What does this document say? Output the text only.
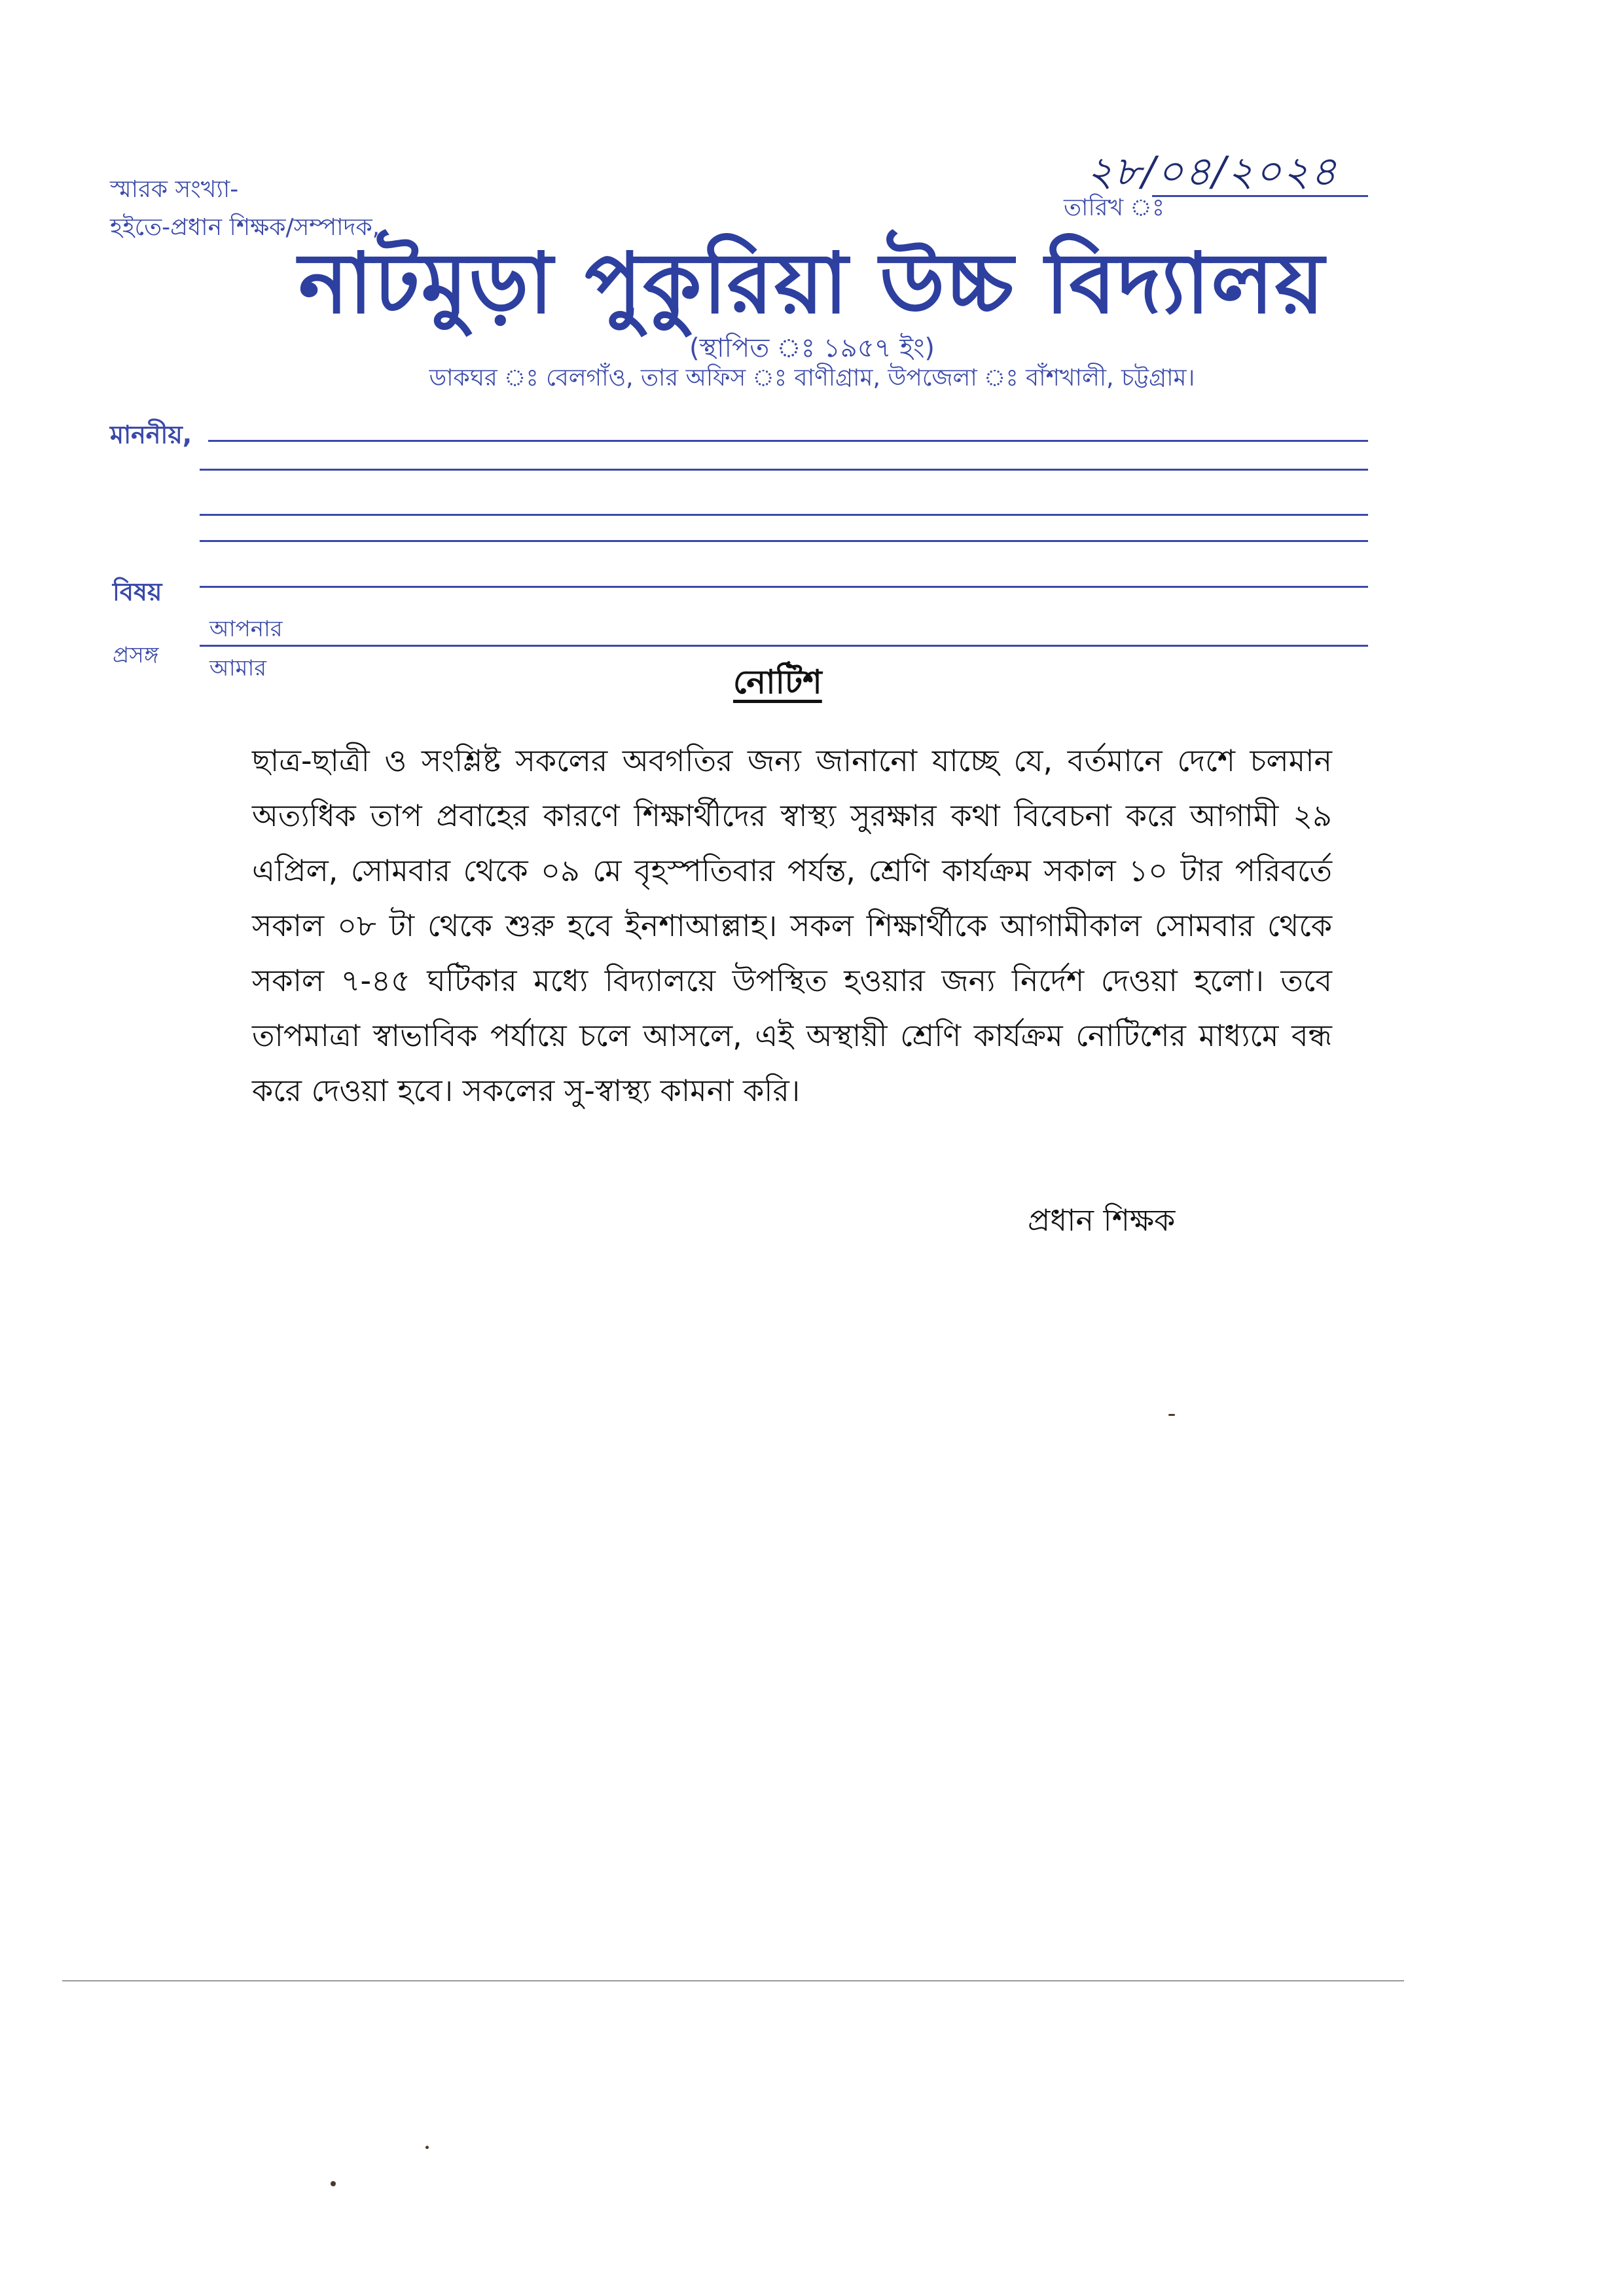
স্মারক সংখ্যা-
হইতে-প্রধান শিক্ষক/সম্পাদক,
২৮/০৪/২০২৪
তারিখ ঃ
নাটমুড়া পুকুরিয়া উচ্চ বিদ্যালয়
(স্থাপিত ঃ ১৯৫৭ ইং)
ডাকঘর ঃ বেলগাঁও, তার অফিস ঃ বাণীগ্রাম, উপজেলা ঃ বাঁশখালী, চট্টগ্রাম।
মাননীয়,
বিষয়
আপনার
প্রসঙ্গ আমার	নোটিশ
ছাত্র-ছাত্রী ও সংশ্লিষ্ট সকলের অবগতির জন্য জানানো যাচ্ছে যে, বর্তমানে দেশে চলমান অত্যধিক তাপ প্রবাহের কারণে শিক্ষার্থীদের স্বাস্থ্য সুরক্ষার কথা বিবেচনা করে আগামী ২৯ এপ্রিল, সোমবার থেকে ০৯ মে বৃহস্পতিবার পর্যন্ত, শ্রেণি কার্যক্রম সকাল ১০ টার পরিবর্তে সকাল ০৮ টা থেকে শুরু হবে ইনশাআল্লাহ। সকল শিক্ষার্থীকে আগামীকাল সোমবার থেকে সকাল ৭-৪৫ ঘটিকার মধ্যে বিদ্যালয়ে উপস্থিত হওয়ার জন্য নির্দেশ দেওয়া হলো। তবে তাপমাত্রা স্বাভাবিক পর্যায়ে চলে আসলে, এই অস্থায়ী শ্রেণি কার্যক্রম নোটিশের মাধ্যমে বন্ধ করে দেওয়া হবে। সকলের সু-স্বাস্থ্য কামনা করি।
প্রধান শিক্ষক
